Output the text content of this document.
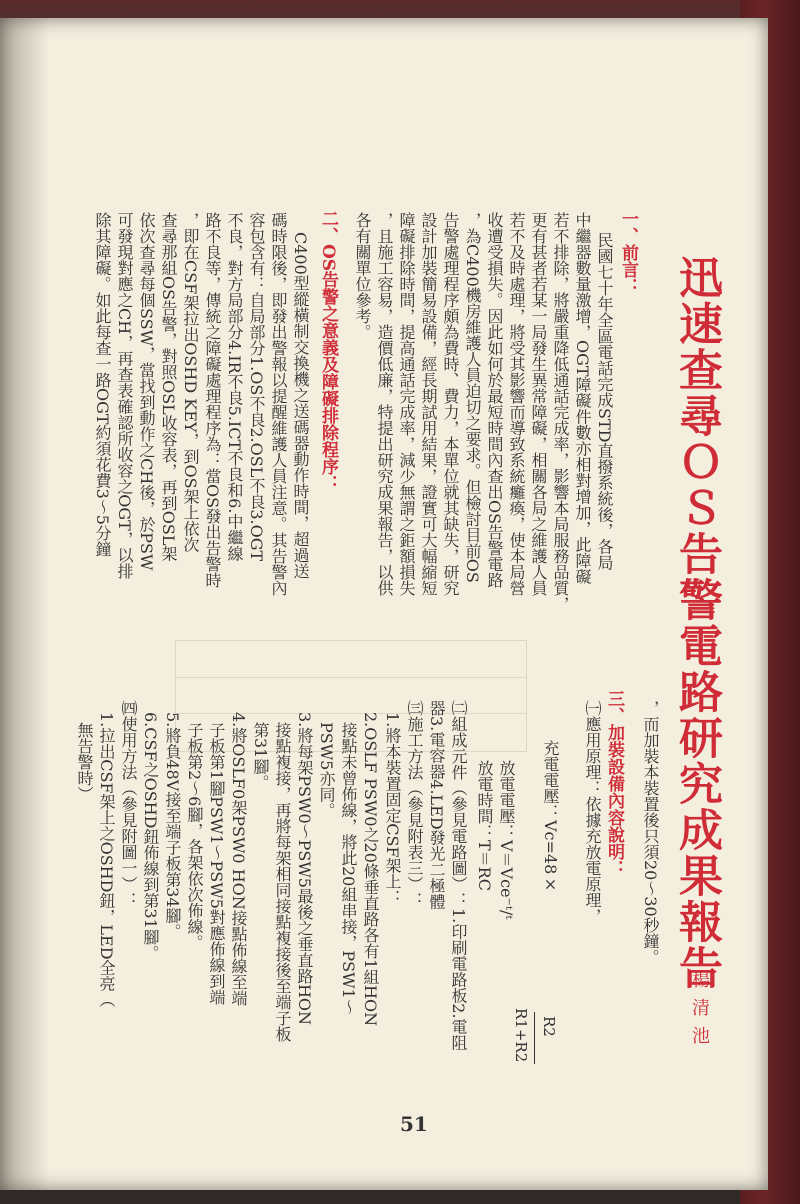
迅速查尋ＯＳ告警電路研究成果報告
楊清池
一、前言：
民國七十年全區電話完成STD直撥系統後，各局
中繼器數量激增，OGT障礙件數亦相對增加，此障礙
若不排除，將嚴重降低通話完成率，影響本局服務品質，
更有甚者若某一局發生異常障礙，相關各局之維護人員
若不及時處理，將受其影響而導致系統癱瘓，使本局營
收遭受損失。因此如何於最短時間內查出OS告警電路
，為C400機房維護人員迫切之要求。但檢討目前OS
告警處理程序頗為費時、費力，本單位就其缺失，研究
設計加裝簡易設備，經長期試用結果，證實可大幅縮短
障礙排除時間，提高通話完成率，減少無謂之鉅額損失
，且施工容易，造價低廉，特提出研究成果報告，以供
各有關單位參考。
二、OS告警之意義及障礙排除程序：
C400型縱橫制交換機之送碼器動作時間，超過送
碼時限後，即發出警報以提醒維護人員注意。其告警內
容包含有：自局部分1.OS不良2.OSL不良3.OGT
不良，對方局部分4.IR不良5.ICT不良和6.中繼線
路不良等，傳統之障礙處理程序為：當OS發出告警時
，即在CSF架拉出OSHD KEY，到OS架上依次
查尋那組OS告警，對照OSL收容表，再到OSL架
依次查尋每個SSW，當找到動作之CH後，於PSW
可發現對應之CH，再查表確認所收容之OGT，以排
除其障礙。如此每查一路OGT約須花費3～5分鐘
，而加裝本裝置後只須20～30秒鐘。
三、加裝設備內容說明：
㈠應用原理：依據充放電原理，
充電電壓：Vc=48×
R2
R1+R2
放電電壓：V＝Vce⁻ᵗ/ᵗ
放電時間：T＝RC
㈡組成元件（參見電路圖）：1.印刷電路板2.電阻
器3.電容器4.LED發光二極體
㈢施工方法（參見附表三）：
1.將本裝置固定CSF架上：
2.OSLF PSW0之20條垂直路各有1組HON
接點未曾佈線，將此20組串接，PSW1～
PSW5亦同。
3.將每架PSW0～PSW5最後之垂直路HON
接點複接，再將每架相同接點複接後至端子板
第31腳。
4.將OSLF0架PSW0 HON接點佈線至端
子板第1腳PSW1～PSW5對應佈線到端
子板第2～6腳，各架依次佈線。
5.將負48V接至端子板第34腳。
6.CSF之OSHD鈕佈線到第31腳。
㈣使用方法（參見附圖一）：
1.拉出CSF架上之OSHD鈕，LED全亮（
無告警時）
51
